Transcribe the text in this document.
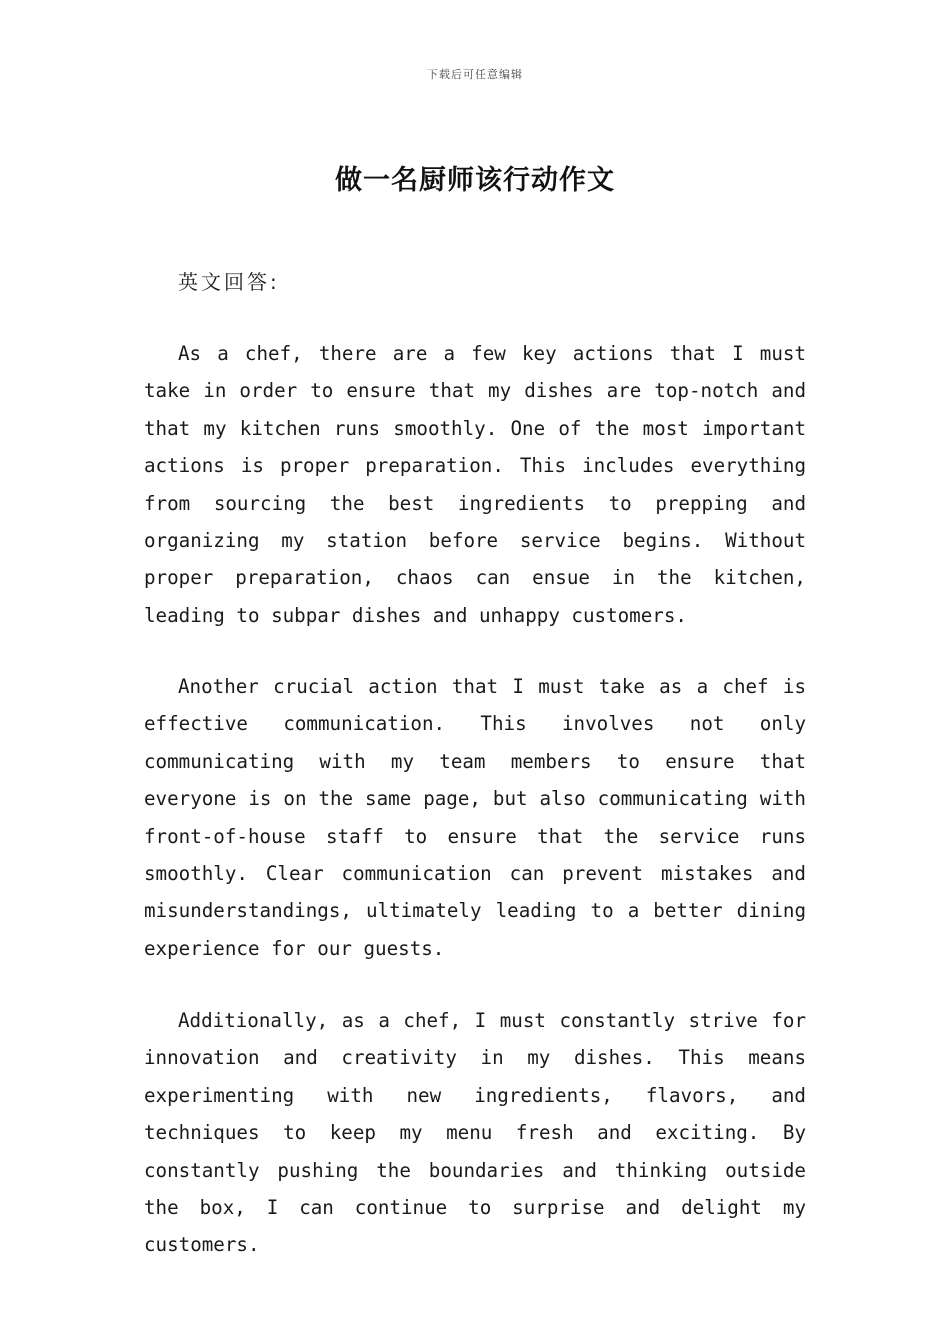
下载后可任意编辑
做一名厨师该行动作文
英文回答:

As a chef, there are a few key actions that I must take in order to ensure that my dishes are top-notch and that my kitchen runs smoothly. One of the most important actions is proper preparation. This includes everything from sourcing the best ingredients to prepping and organizing my station before service begins. Without proper preparation, chaos can ensue in the kitchen, leading to subpar dishes and unhappy customers.

Another crucial action that I must take as a chef is effective communication. This involves not only communicating with my team members to ensure that everyone is on the same page, but also communicating with front-of-house staff to ensure that the service runs smoothly. Clear communication can prevent mistakes and misunderstandings, ultimately leading to a better dining experience for our guests.

Additionally, as a chef, I must constantly strive for innovation and creativity in my dishes. This means experimenting with new ingredients, flavors, and techniques to keep my menu fresh and exciting. By constantly pushing the boundaries and thinking outside the box, I can continue to surprise and delight my customers.
